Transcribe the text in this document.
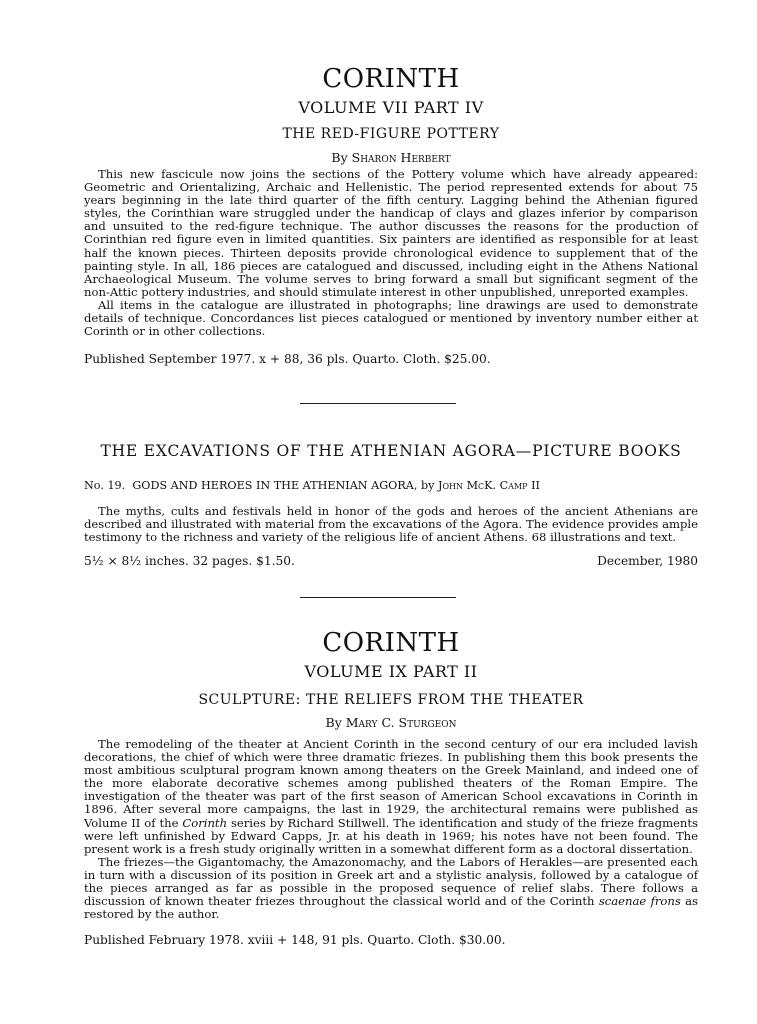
CORINTH
VOLUME VII PART IV
THE RED-FIGURE POTTERY
By Sharon Herbert

This new fascicule now joins the sections of the Pottery volume which have already appeared: Geometric and Orientalizing, Archaic and Hellenistic. The period represented extends for about 75 years beginning in the late third quarter of the fifth century. Lagging behind the Athenian figured styles, the Corinthian ware struggled under the handicap of clays and glazes inferior by comparison and unsuited to the red-figure technique. The author discusses the reasons for the production of Corinthian red figure even in limited quantities. Six painters are identified as responsible for at least half the known pieces. Thirteen deposits provide chronological evidence to supplement that of the painting style. In all, 186 pieces are catalogued and discussed, including eight in the Athens National Archaeological Museum. The volume serves to bring forward a small but significant segment of the non-Attic pottery industries, and should stimulate interest in other unpublished, unreported examples.

All items in the catalogue are illustrated in photographs; line drawings are used to demonstrate details of technique. Concordances list pieces catalogued or mentioned by inventory number either at Corinth or in other collections.

Published September 1977. x + 88, 36 pls. Quarto. Cloth. $25.00.

THE EXCAVATIONS OF THE ATHENIAN AGORA—PICTURE BOOKS
No. 19. GODS AND HEROES IN THE ATHENIAN AGORA, by John McK. Camp II

The myths, cults and festivals held in honor of the gods and heroes of the ancient Athenians are described and illustrated with material from the excavations of the Agora. The evidence provides ample testimony to the richness and variety of the religious life of ancient Athens. 68 illustrations and text.

5½ × 8½ inches. 32 pages. $1.50.	December, 1980
CORINTH
VOLUME IX PART II
SCULPTURE: THE RELIEFS FROM THE THEATER
By Mary C. Sturgeon

The remodeling of the theater at Ancient Corinth in the second century of our era included lavish decorations, the chief of which were three dramatic friezes. In publishing them this book presents the most ambitious sculptural program known among theaters on the Greek Mainland, and indeed one of the more elaborate decorative schemes among published theaters of the Roman Empire. The investigation of the theater was part of the first season of American School excavations in Corinth in 1896. After several more campaigns, the last in 1929, the architectural remains were published as Volume II of the Corinth series by Richard Stillwell. The identification and study of the frieze fragments were left unfinished by Edward Capps, Jr. at his death in 1969; his notes have not been found. The present work is a fresh study originally written in a somewhat different form as a doctoral dissertation.

The friezes—the Gigantomachy, the Amazonomachy, and the Labors of Herakles—are presented each in turn with a discussion of its position in Greek art and a stylistic analysis, followed by a catalogue of the pieces arranged as far as possible in the proposed sequence of relief slabs. There follows a discussion of known theater friezes throughout the classical world and of the Corinth scaenae frons as restored by the author.

Published February 1978. xviii + 148, 91 pls. Quarto. Cloth. $30.00.
